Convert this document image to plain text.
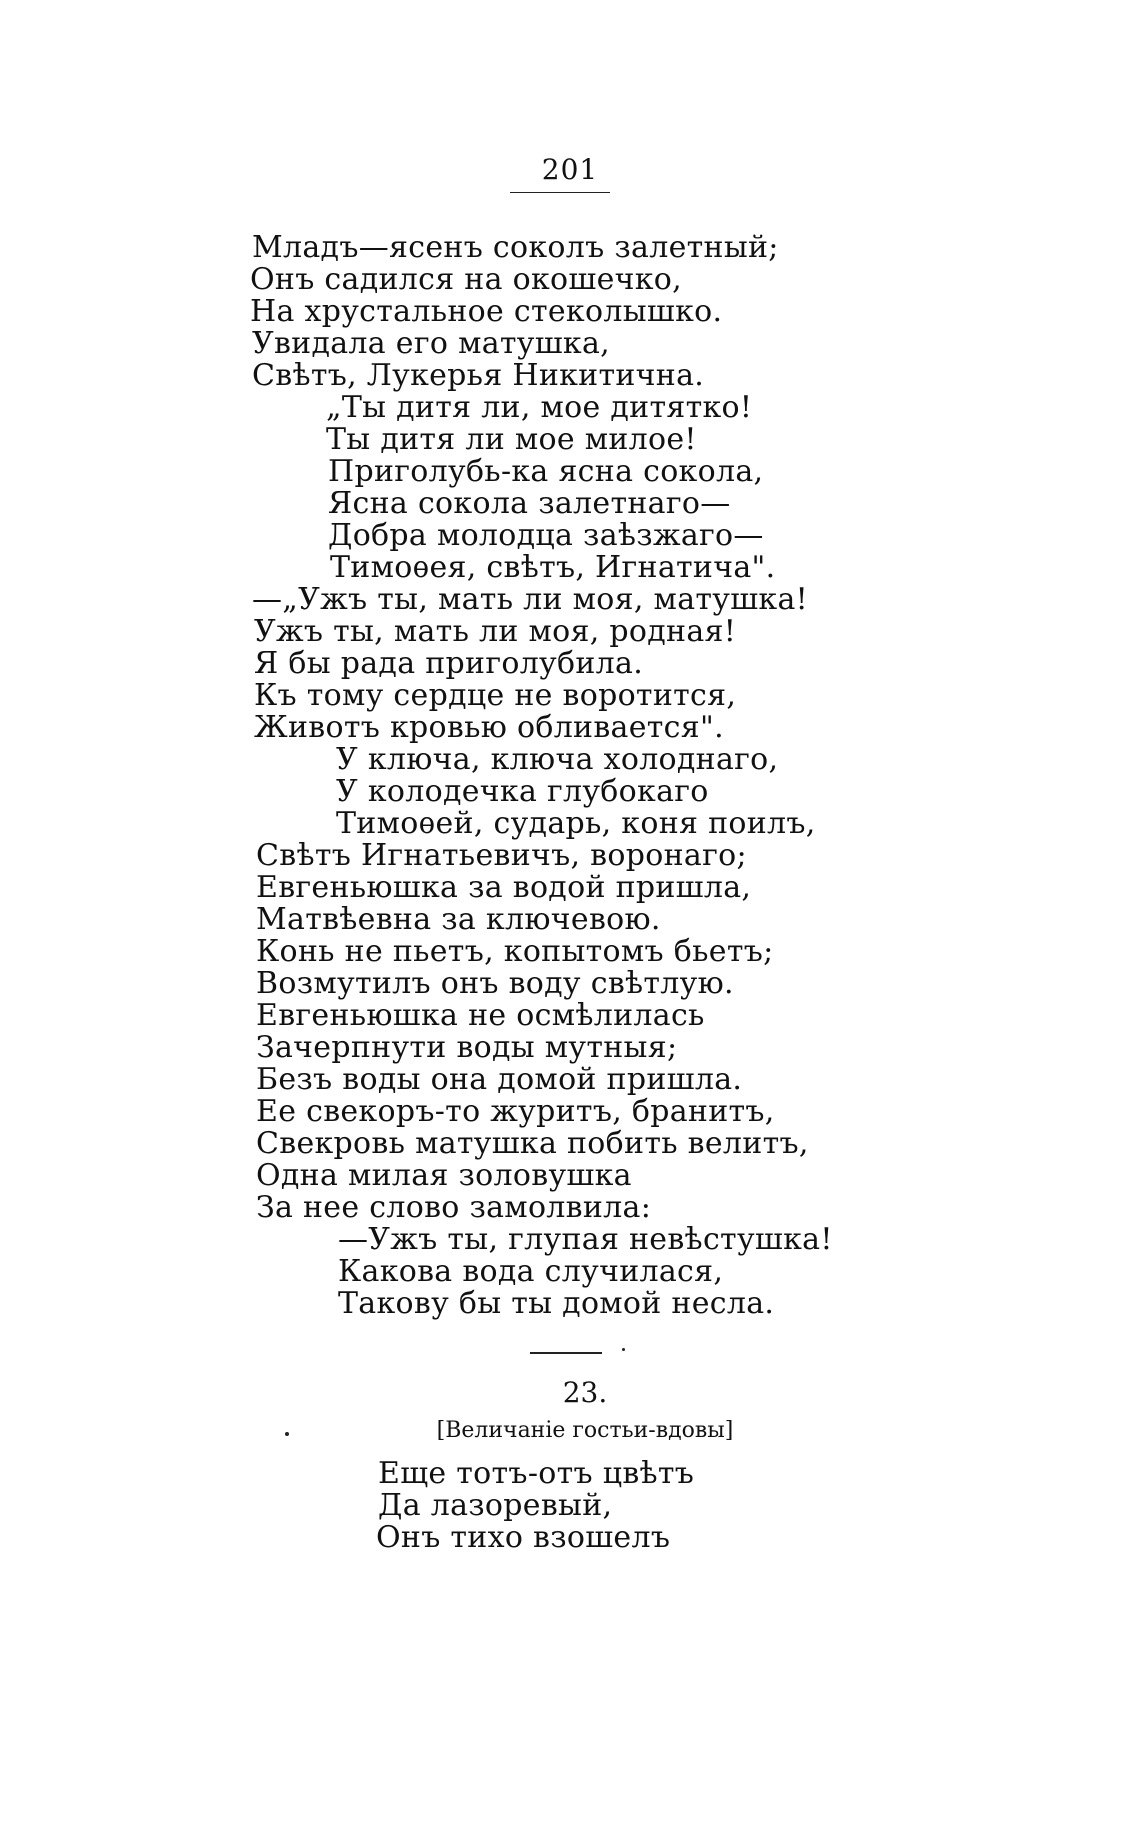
201
Младъ—ясенъ соколъ залетный;
Онъ садился на окошечко,
На хрустальное стеколышко.
Увидала его матушка,
Свѣтъ, Лукерья Никитична.
„Ты дитя ли, мое дитятко!
Ты дитя ли мое милое!
Приголубь-ка ясна сокола,
Ясна сокола залетнаго—
Добра молодца заѣзжаго—
Тимоѳея, свѣтъ, Игнатича".
—„Ужъ ты, мать ли моя, матушка!
Ужъ ты, мать ли моя, родная!
Я бы рада приголубила.
Къ тому сердце не воротится,
Животъ кровью обливается".
У ключа, ключа холоднаго,
У колодечка глубокаго
Тимоѳей, сударь, коня поилъ,
Свѣтъ Игнатьевичъ, воронаго;
Евгеньюшка за водой пришла,
Матвѣевна за ключевою.
Конь не пьетъ, копытомъ бьетъ;
Возмутилъ онъ воду свѣтлую.
Евгеньюшка не осмѣлилась
Зачерпнути воды мутныя;
Безъ воды она домой пришла.
Ее свекоръ-то журитъ, бранитъ,
Свекровь матушка побить велитъ,
Одна милая золовушка
За нее слово замолвила:
—Ужъ ты, глупая невѣстушка!
Какова вода случилася,
Такову бы ты домой несла.
23.
[Величанiе гостьи-вдовы]
Еще тотъ-отъ цвѣтъ
Да лазоревый,
Онъ тихо взошелъ
